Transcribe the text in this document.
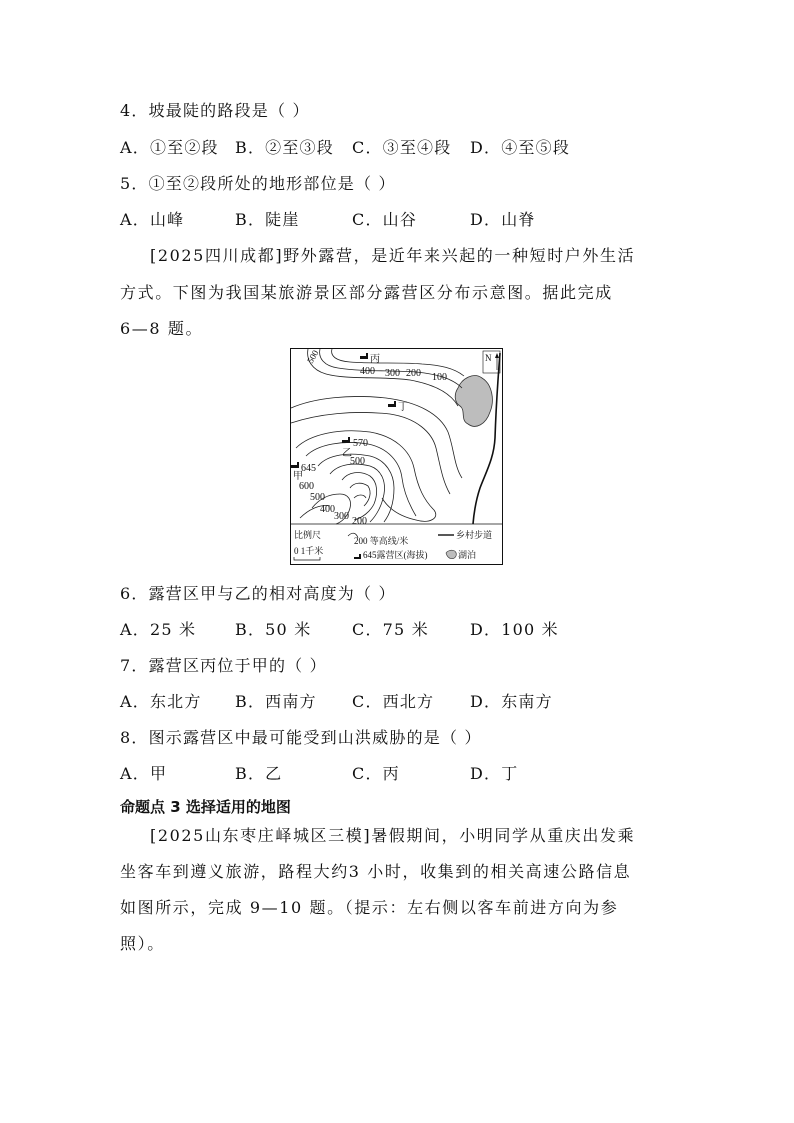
4．坡最陡的路段是（ ）
A．①至②段 B．②至③段 C．③至④段 D．④至⑤段
5．①至②段所处的地形部位是（ ）
A．山峰	B．陡崖	C．山谷	D．山脊
[2025四川成都]野外露营，是近年来兴起的一种短时户外生活
方式。下图为我国某旅游景区部分露营区分布示意图。据此完成
6—8 题。
N
丙
丁
乙
甲
570
645
500
400 300 200 100
500
600
500
400
300 200
比例尺
0 1千米
200 等高线/米
乡村步道
645露营区(海拔)	湖泊
6．露营区甲与乙的相对高度为（ ）
A．25 米 B．50 米	C．75 米	D．100 米
7．露营区丙位于甲的（ ）
A．东北方 B．西南方 C．西北方 D．东南方
8．图示露营区中最可能受到山洪威胁的是（ ）
A．甲	B．乙	C．丙	D．丁
命题点 3 选择适用的地图
[2025山东枣庄峄城区三模]暑假期间，小明同学从重庆出发乘
坐客车到遵义旅游，路程大约3 小时，收集到的相关高速公路信息
如图所示，完成 9—10 题。（提示：左右侧以客车前进方向为参
照）。
